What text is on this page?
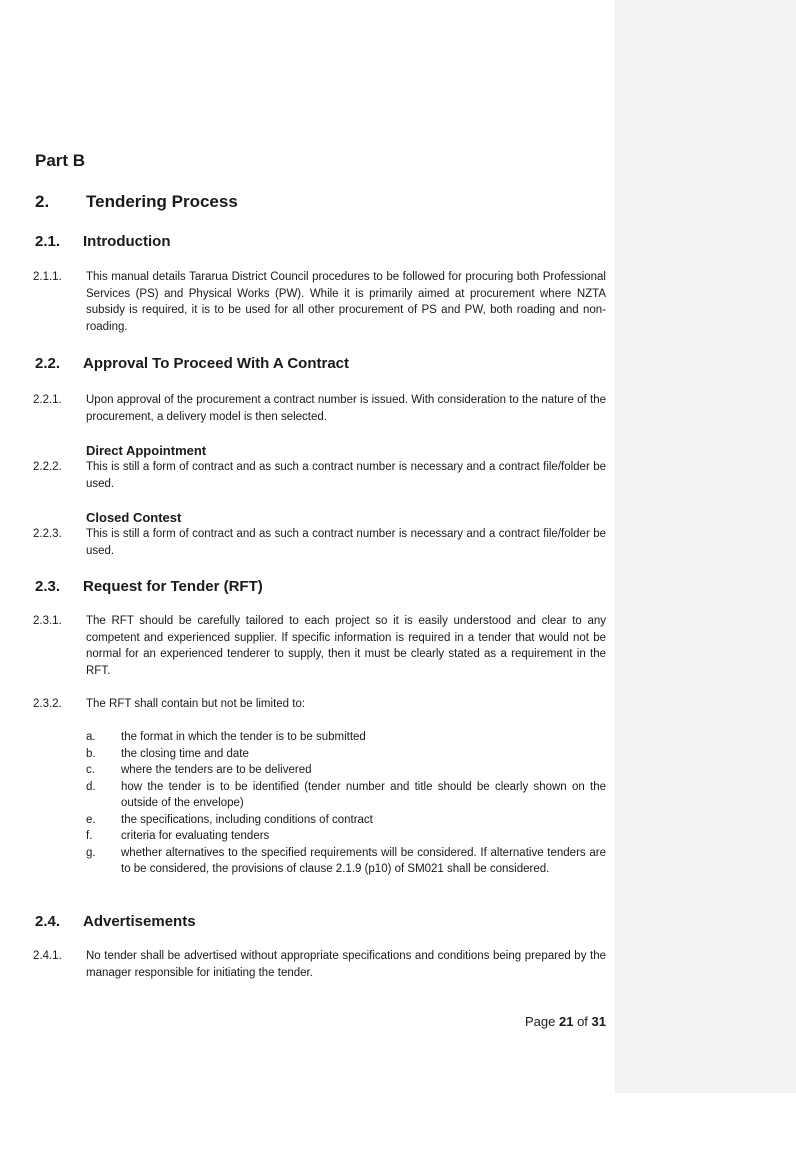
Part B
2. Tendering Process
2.1. Introduction
2.1.1. This manual details Tararua District Council procedures to be followed for procuring both Professional Services (PS) and Physical Works (PW). While it is primarily aimed at procurement where NZTA subsidy is required, it is to be used for all other procurement of PS and PW, both roading and non-roading.
2.2. Approval To Proceed With A Contract
2.2.1. Upon approval of the procurement a contract number is issued. With consideration to the nature of the procurement, a delivery model is then selected.
Direct Appointment
2.2.2. This is still a form of contract and as such a contract number is necessary and a contract file/folder be used.
Closed Contest
2.2.3. This is still a form of contract and as such a contract number is necessary and a contract file/folder be used.
2.3. Request for Tender (RFT)
2.3.1. The RFT should be carefully tailored to each project so it is easily understood and clear to any competent and experienced supplier. If specific information is required in a tender that would not be normal for an experienced tenderer to supply, then it must be clearly stated as a requirement in the RFT.
2.3.2. The RFT shall contain but not be limited to:
a.	the format in which the tender is to be submitted
b.	the closing time and date
c.	where the tenders are to be delivered
d.	how the tender is to be identified (tender number and title should be clearly shown on the outside of the envelope)
e.	the specifications, including conditions of contract
f.	criteria for evaluating tenders
g.	whether alternatives to the specified requirements will be considered. If alternative tenders are to be considered, the provisions of clause 2.1.9 (p10) of SM021 shall be considered.
2.4. Advertisements
2.4.1. No tender shall be advertised without appropriate specifications and conditions being prepared by the manager responsible for initiating the tender.
Page 21 of 31
